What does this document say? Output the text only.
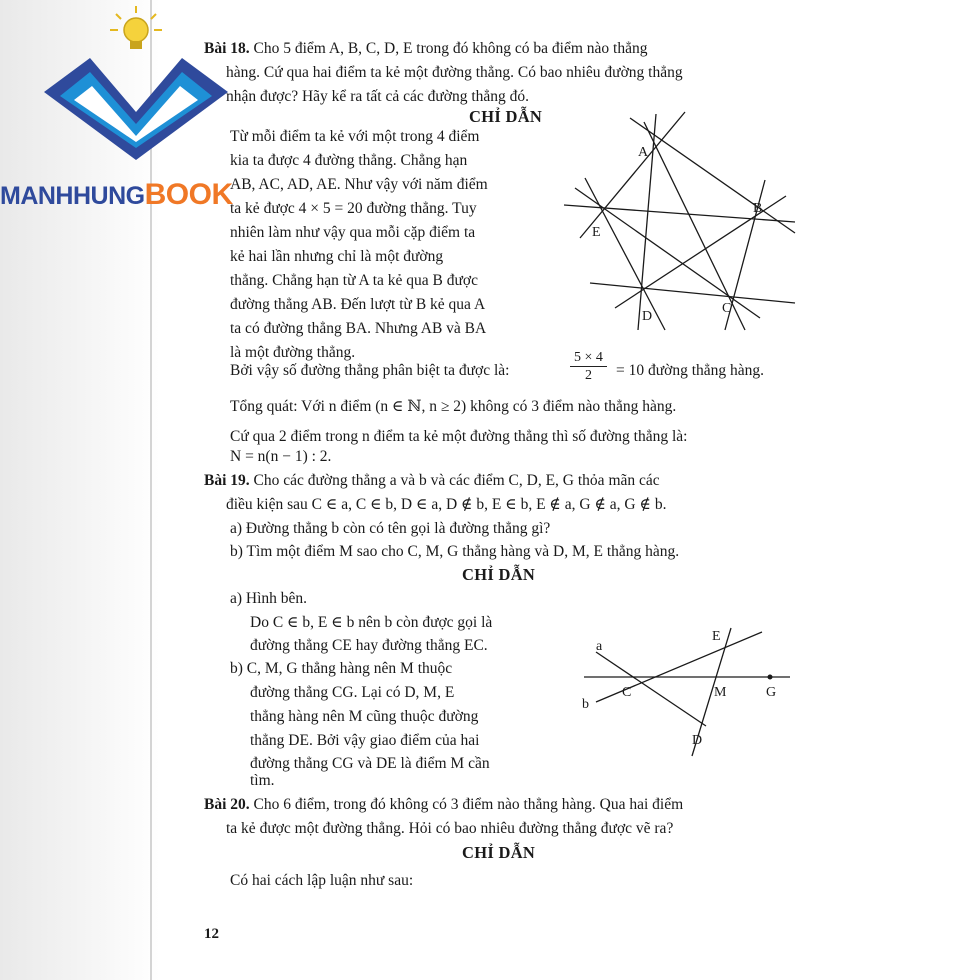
MANHHUNGBOOK
Bài 18. Cho 5 điểm A, B, C, D, E trong đó không có ba điểm nào thẳng
hàng. Cứ qua hai điểm ta kẻ một đường thẳng. Có bao nhiêu đường thẳng
nhận được? Hãy kể ra tất cả các đường thẳng đó.
CHỈ DẪN
Từ mỗi điểm ta kẻ với một trong 4 điểm
kia ta được 4 đường thẳng. Chẳng hạn
AB, AC, AD, AE. Như vậy với năm điểm
ta kẻ được 4 × 5 = 20 đường thẳng. Tuy
nhiên làm như vậy qua mỗi cặp điểm ta
kẻ hai lần nhưng chỉ là một đường
thẳng. Chẳng hạn từ A ta kẻ qua B được
đường thẳng AB. Đến lượt từ B kẻ qua A
ta có đường thẳng BA. Nhưng AB và BA
là một đường thẳng.
A
B
C
D
E
Bởi vậy số đường thẳng phân biệt ta được là:	$\frac{5 \times 4}{2} = 10$ đường thẳng hàng.
Tổng quát: Với n điểm (n ∈ ℕ, n ≥ 2) không có 3 điểm nào thẳng hàng.
Cứ qua 2 điểm trong n điểm ta kẻ một đường thẳng thì số đường thẳng là:
N = n(n − 1) : 2.
Bài 19. Cho các đường thẳng a và b và các điểm C, D, E, G thỏa mãn các
điều kiện sau C ∈ a, C ∈ b, D ∈ a, D ∉ b, E ∈ b, E ∉ a, G ∉ a, G ∉ b.
a) Đường thẳng b còn có tên gọi là đường thẳng gì?
b) Tìm một điểm M sao cho C, M, G thẳng hàng và D, M, E thẳng hàng.
CHỈ DẪN
a) Hình bên.
Do C ∈ b, E ∈ b nên b còn được gọi là
đường thẳng CE hay đường thẳng EC.
b) C, M, G thẳng hàng nên M thuộc
đường thẳng CG. Lại có D, M, E
thẳng hàng nên M cũng thuộc đường
thẳng DE. Bởi vậy giao điểm của hai
đường thẳng CG và DE là điểm M cần
tìm.
a
b
C
E
M	G
D
Bài 20. Cho 6 điểm, trong đó không có 3 điểm nào thẳng hàng. Qua hai điểm
ta kẻ được một đường thẳng. Hỏi có bao nhiêu đường thẳng được vẽ ra?
CHỈ DẪN
Có hai cách lập luận như sau:
12
